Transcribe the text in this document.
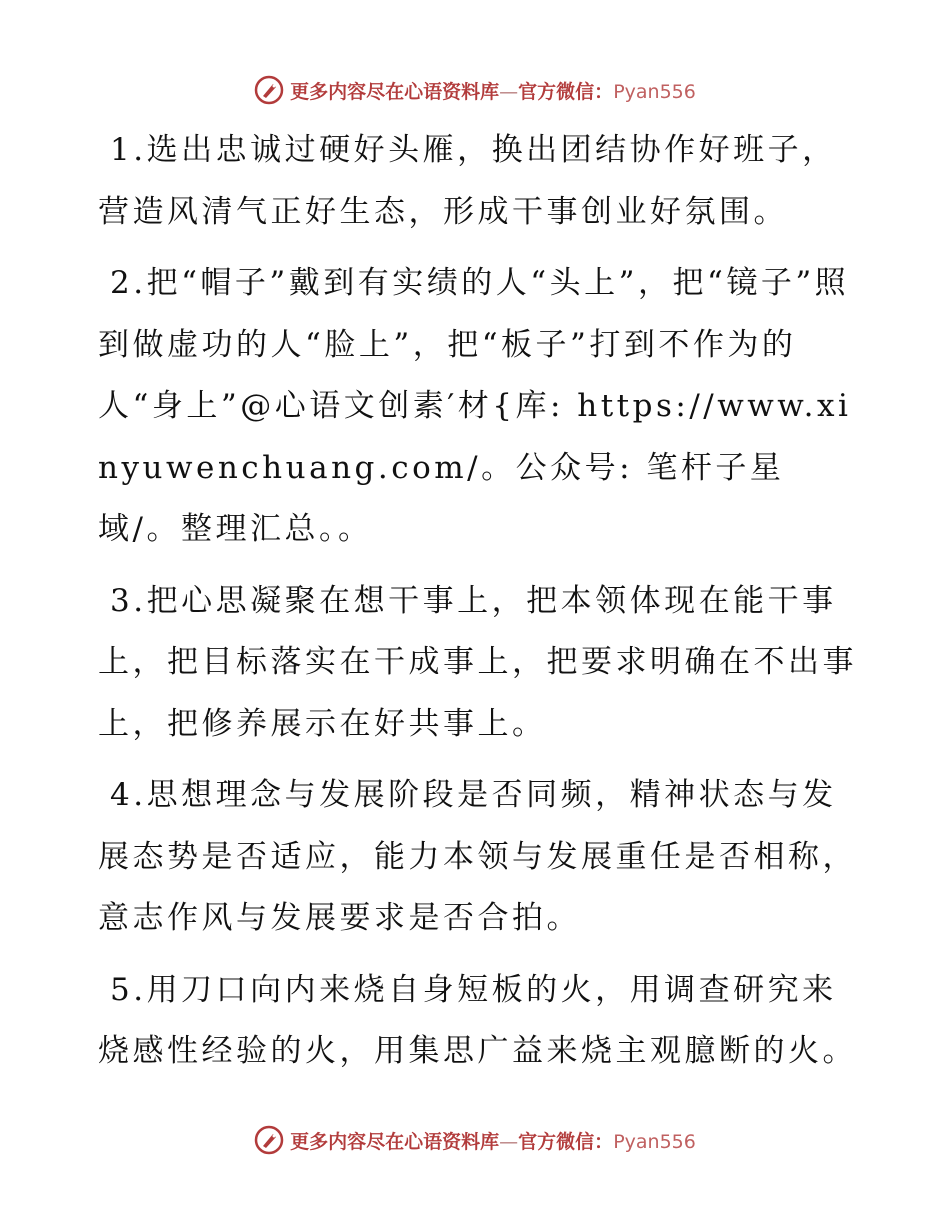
更多内容尽在心语资料库—官方微信：Pyan556

1.选出忠诚过硬好头雁，换出团结协作好班子，营造风清气正好生态，形成干事创业好氛围。

2.把“帽子”戴到有实绩的人“头上”，把“镜子”照到做虚功的人“脸上”，把“板子”打到不作为的人“身上”@心语文创素′材{库: https://www.xinyuwenchuang.com/。公众号: 笔杆子星域/。整理汇总。。

3.把心思凝聚在想干事上，把本领体现在能干事上，把目标落实在干成事上，把要求明确在不出事上，把修养展示在好共事上。

4.思想理念与发展阶段是否同频，精神状态与发展态势是否适应，能力本领与发展重任是否相称，意志作风与发展要求是否合拍。

5.用刀口向内来烧自身短板的火，用调查研究来烧感性经验的火，用集思广益来烧主观臆断的火。

更多内容尽在心语资料库—官方微信：Pyan556
